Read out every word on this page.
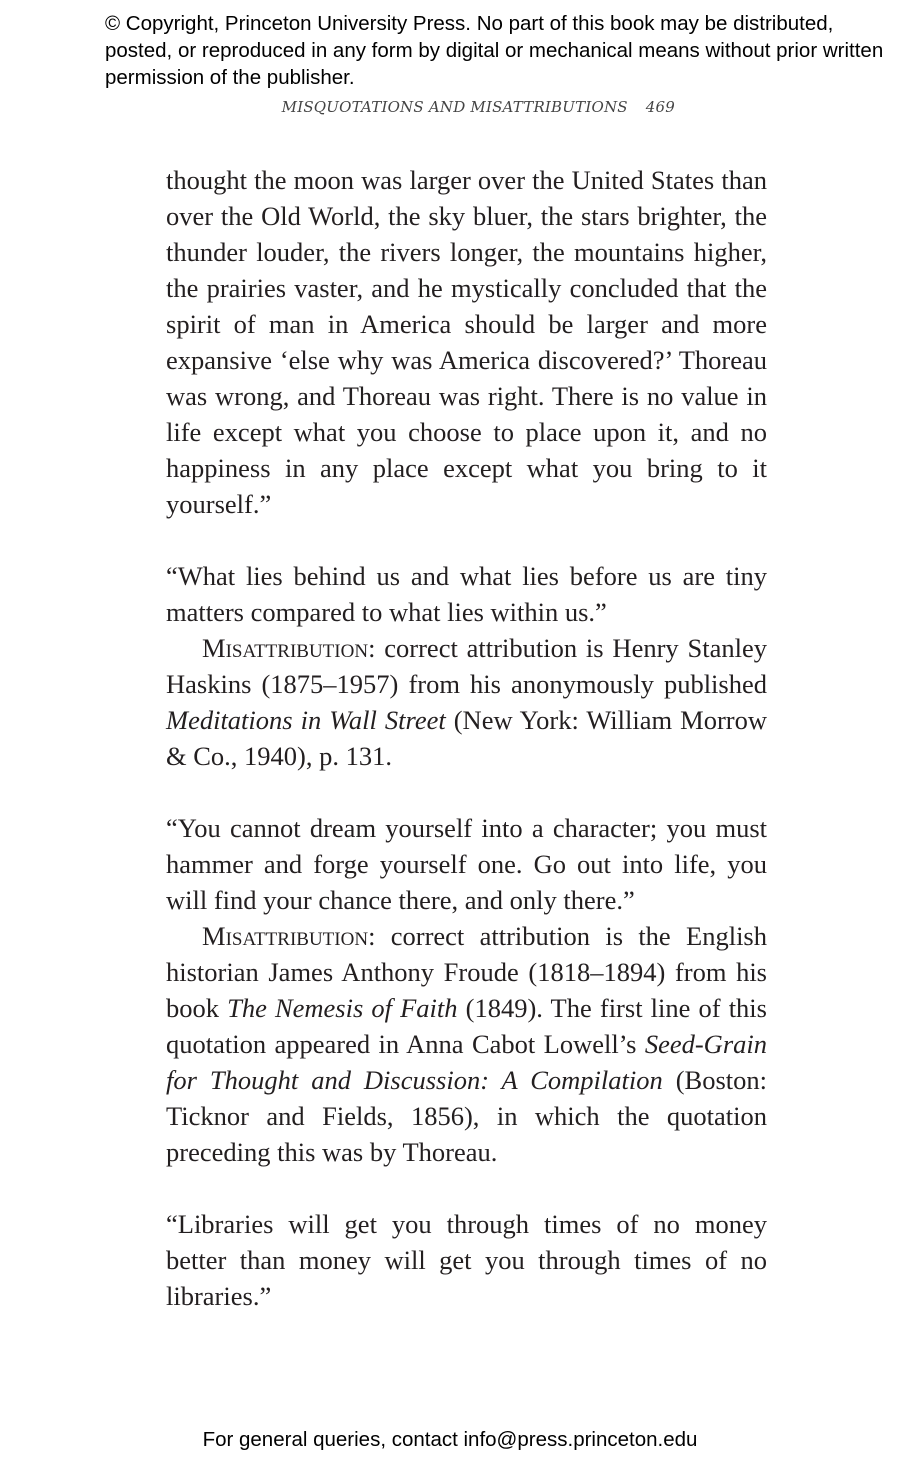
© Copyright, Princeton University Press. No part of this book may be distributed, posted, or reproduced in any form by digital or mechanical means without prior written permission of the publisher.

MISQUOTATIONS AND MISATTRIBUTIONS 469

thought the moon was larger over the United States than over the Old World, the sky bluer, the stars brighter, the thunder louder, the rivers longer, the mountains higher, the prairies vaster, and he mystically concluded that the spirit of man in America should be larger and more expansive ‘else why was America discovered?’ Thoreau was wrong, and Thoreau was right. There is no value in life except what you choose to place upon it, and no happiness in any place except what you bring to it yourself.”

“What lies behind us and what lies before us are tiny matters compared to what lies within us.”

Misattribution: correct attribution is Henry Stanley Haskins (1875–1957) from his anonymously published Meditations in Wall Street (New York: William Morrow & Co., 1940), p. 131.

“You cannot dream yourself into a character; you must hammer and forge yourself one. Go out into life, you will find your chance there, and only there.”

Misattribution: correct attribution is the English historian James Anthony Froude (1818–1894) from his book The Nemesis of Faith (1849). The first line of this quotation appeared in Anna Cabot Lowell’s Seed-Grain for Thought and Discussion: A Compilation (Boston: Ticknor and Fields, 1856), in which the quotation preceding this was by Thoreau.

“Libraries will get you through times of no money better than money will get you through times of no libraries.”

For general queries, contact info@press.princeton.edu
